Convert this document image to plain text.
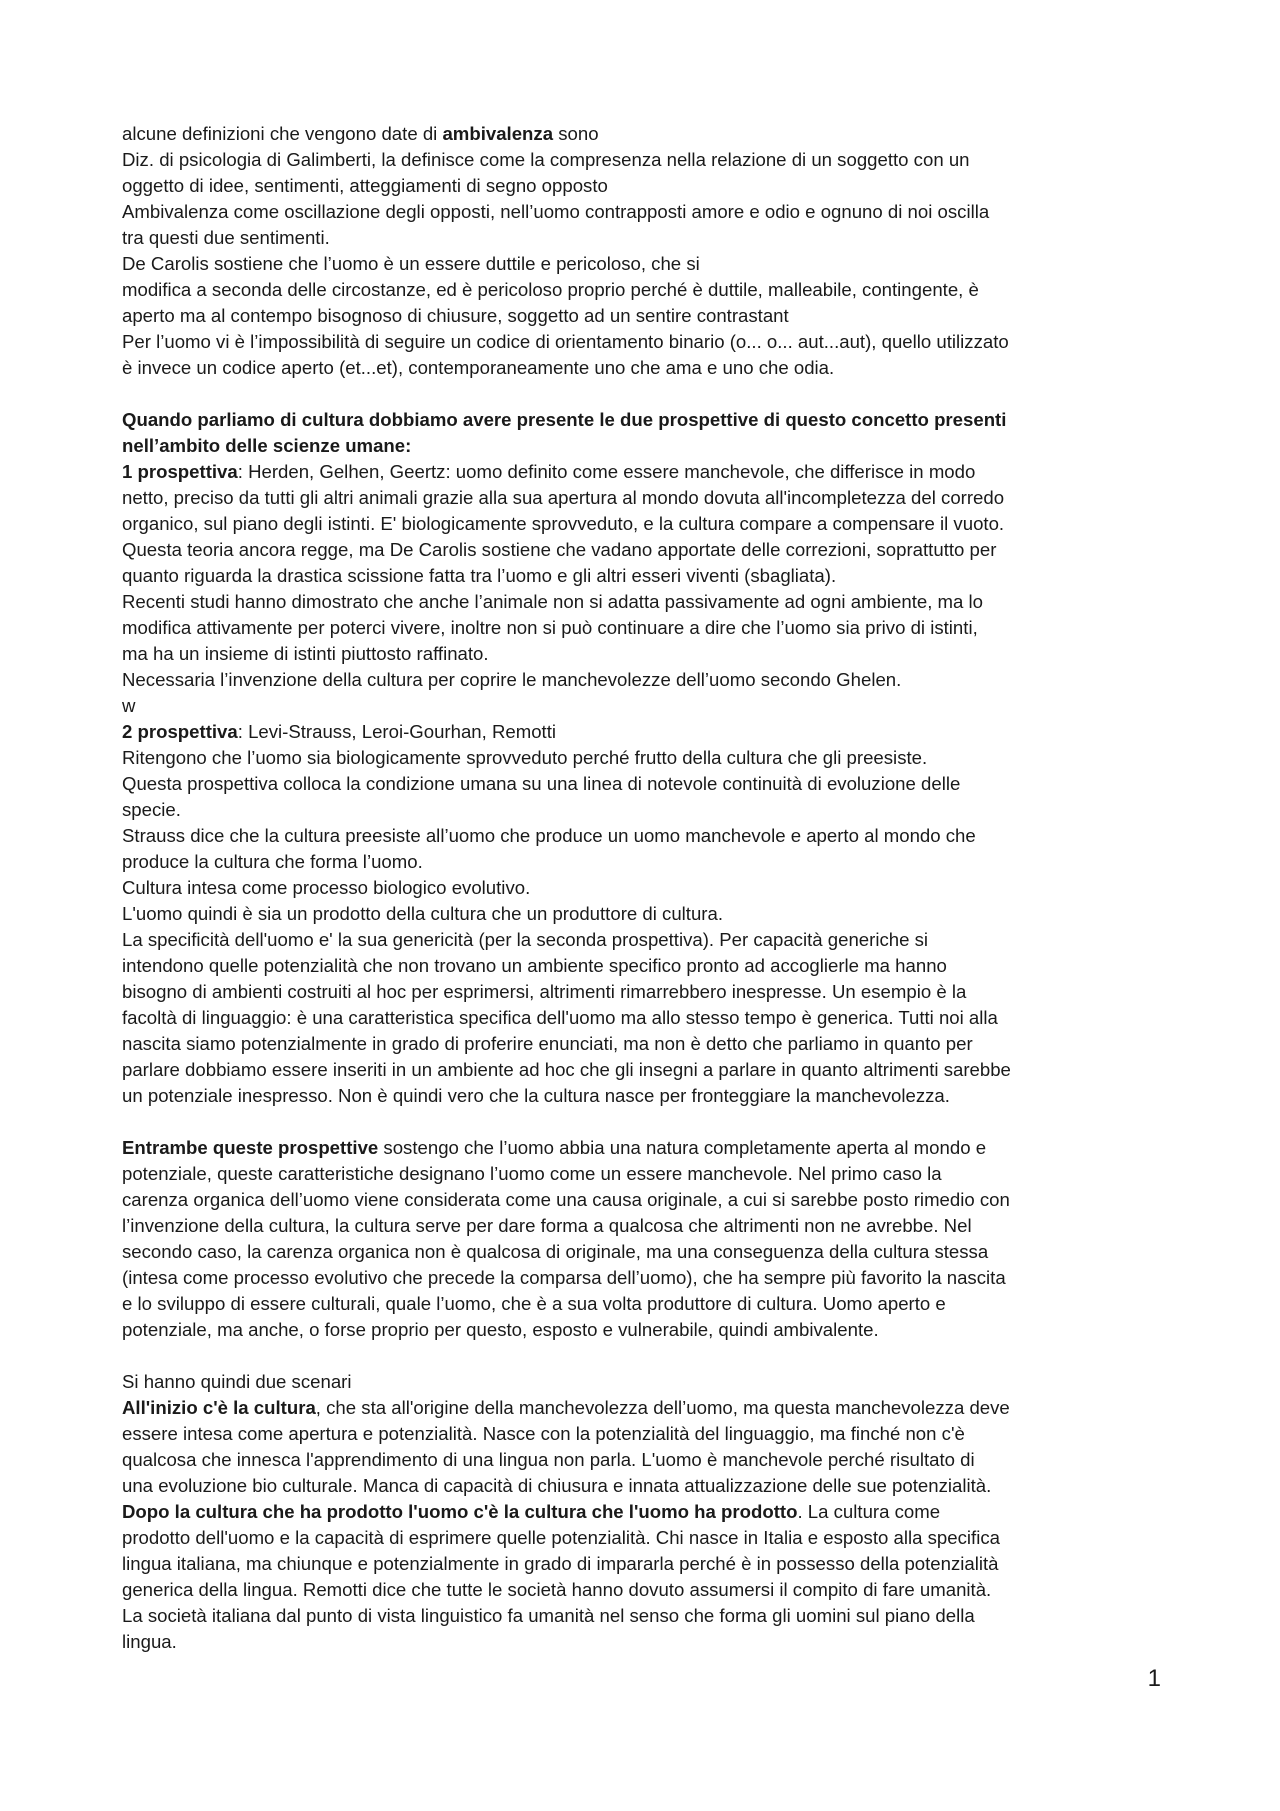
alcune definizioni che vengono date di ambivalenza sono
Diz. di psicologia di Galimberti, la definisce come la compresenza nella relazione di un soggetto con un
oggetto di idee, sentimenti, atteggiamenti di segno opposto
Ambivalenza come oscillazione degli opposti, nell’uomo contrapposti amore e odio e ognuno di noi oscilla
tra questi due sentimenti.
De Carolis sostiene che l’uomo è un essere duttile e pericoloso, che si
modifica a seconda delle circostanze, ed è pericoloso proprio perché è duttile, malleabile, contingente, è
aperto ma al contempo bisognoso di chiusure, soggetto ad un sentire contrastant
Per l’uomo vi è l’impossibilità di seguire un codice di orientamento binario (o... o... aut...aut), quello utilizzato
è invece un codice aperto (et...et), contemporaneamente uno che ama e uno che odia.
Quando parliamo di cultura dobbiamo avere presente le due prospettive di questo concetto presenti
nell’ambito delle scienze umane:
1 prospettiva: Herden, Gelhen, Geertz: uomo definito come essere manchevole, che differisce in modo
netto, preciso da tutti gli altri animali grazie alla sua apertura al mondo dovuta all'incompletezza del corredo
organico, sul piano degli istinti. E' biologicamente sprovveduto, e la cultura compare a compensare il vuoto.
Questa teoria ancora regge, ma De Carolis sostiene che vadano apportate delle correzioni, soprattutto per
quanto riguarda la drastica scissione fatta tra l’uomo e gli altri esseri viventi (sbagliata).
Recenti studi hanno dimostrato che anche l’animale non si adatta passivamente ad ogni ambiente, ma lo
modifica attivamente per poterci vivere, inoltre non si può continuare a dire che l’uomo sia privo di istinti,
ma ha un insieme di istinti piuttosto raffinato.
Necessaria l’invenzione della cultura per coprire le manchevolezze dell’uomo secondo Ghelen.
w
2 prospettiva: Levi-Strauss, Leroi-Gourhan, Remotti
Ritengono che l’uomo sia biologicamente sprovveduto perché frutto della cultura che gli preesiste.
Questa prospettiva colloca la condizione umana su una linea di notevole continuità di evoluzione delle
specie.
Strauss dice che la cultura preesiste all’uomo che produce un uomo manchevole e aperto al mondo che
produce la cultura che forma l’uomo.
Cultura intesa come processo biologico evolutivo.
L'uomo quindi è sia un prodotto della cultura che un produttore di cultura.
La specificità dell'uomo e' la sua genericità (per la seconda prospettiva). Per capacità generiche si
intendono quelle potenzialità che non trovano un ambiente specifico pronto ad accoglierle ma hanno
bisogno di ambienti costruiti al hoc per esprimersi, altrimenti rimarrebbero inespresse. Un esempio è la
facoltà di linguaggio: è una caratteristica specifica dell'uomo ma allo stesso tempo è generica. Tutti noi alla
nascita siamo potenzialmente in grado di proferire enunciati, ma non è detto che parliamo in quanto per
parlare dobbiamo essere inseriti in un ambiente ad hoc che gli insegni a parlare in quanto altrimenti sarebbe
un potenziale inespresso. Non è quindi vero che la cultura nasce per fronteggiare la manchevolezza.
Entrambe queste prospettive sostengo che l’uomo abbia una natura completamente aperta al mondo e
potenziale, queste caratteristiche designano l’uomo come un essere manchevole. Nel primo caso la
carenza organica dell’uomo viene considerata come una causa originale, a cui si sarebbe posto rimedio con
l’invenzione della cultura, la cultura serve per dare forma a qualcosa che altrimenti non ne avrebbe. Nel
secondo caso, la carenza organica non è qualcosa di originale, ma una conseguenza della cultura stessa
(intesa come processo evolutivo che precede la comparsa dell’uomo), che ha sempre più favorito la nascita
e lo sviluppo di essere culturali, quale l’uomo, che è a sua volta produttore di cultura. Uomo aperto e
potenziale, ma anche, o forse proprio per questo, esposto e vulnerabile, quindi ambivalente.
Si hanno quindi due scenari
All'inizio c'è la cultura, che sta all'origine della manchevolezza dell’uomo, ma questa manchevolezza deve
essere intesa come apertura e potenzialità. Nasce con la potenzialità del linguaggio, ma finché non c'è
qualcosa che innesca l'apprendimento di una lingua non parla. L'uomo è manchevole perché risultato di
una evoluzione bio culturale. Manca di capacità di chiusura e innata attualizzazione delle sue potenzialità.
Dopo la cultura che ha prodotto l'uomo c'è la cultura che l'uomo ha prodotto. La cultura come
prodotto dell'uomo e la capacità di esprimere quelle potenzialità. Chi nasce in Italia e esposto alla specifica
lingua italiana, ma chiunque e potenzialmente in grado di impararla perché è in possesso della potenzialità
generica della lingua. Remotti dice che tutte le società hanno dovuto assumersi il compito di fare umanità.
La società italiana dal punto di vista linguistico fa umanità nel senso che forma gli uomini sul piano della
lingua.
1
